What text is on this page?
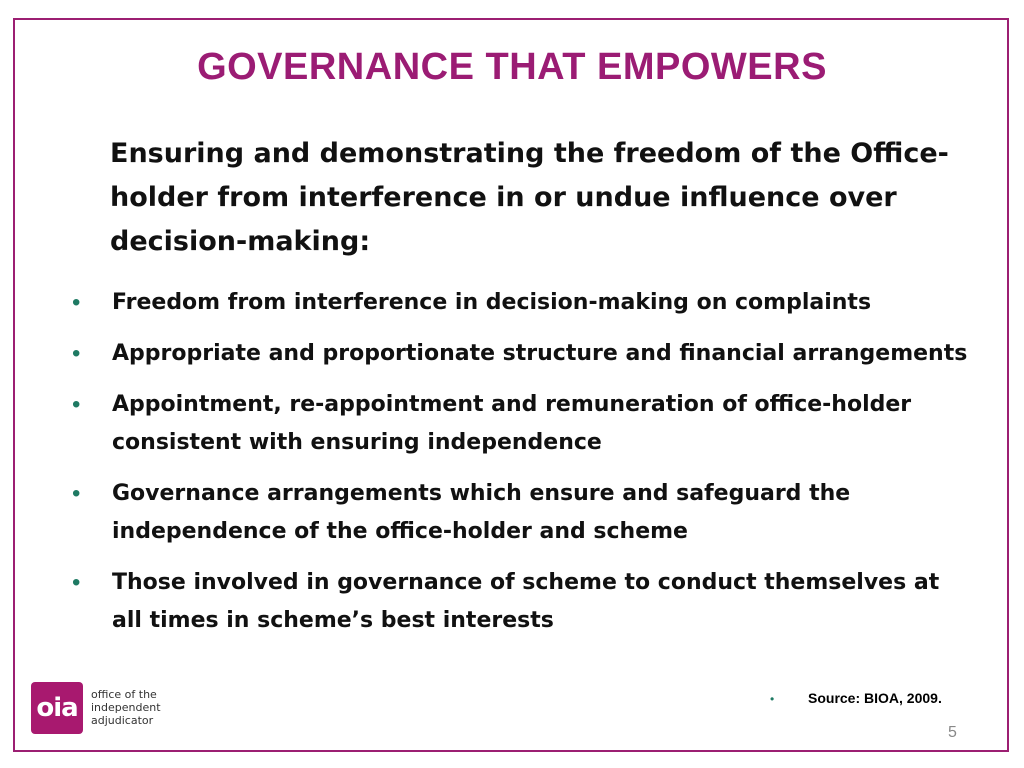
GOVERNANCE THAT EMPOWERS
Ensuring and demonstrating the freedom of the Office-holder from interference in or undue influence over decision-making:
•	Freedom from interference in decision-making on complaints
•	Appropriate and proportionate structure and financial arrangements
•	Appointment, re-appointment and remuneration of office-holder consistent with ensuring independence
•	Governance arrangements which ensure and safeguard the independence of the office-holder and scheme
•	Those involved in governance of scheme to conduct themselves at all times in scheme’s best interests
oia	office of the
independent
adjudicator
• Source: BIOA, 2009.
5
